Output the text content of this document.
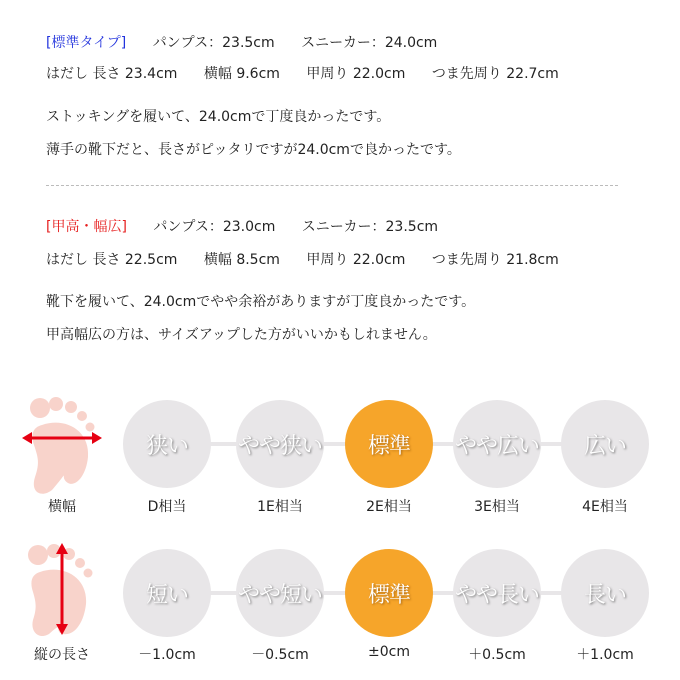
[標準タイプ] パンプス：23.5cm スニーカー：24.0cm
はだし 長さ 23.4cm 横幅 9.6cm 甲周り 22.0cm つま先周り 22.7cm
ストッキングを履いて、24.0cmで丁度良かったです。
薄手の靴下だと、長さがピッタリですが24.0cmで良かったです。
[甲高・幅広] パンプス：23.0cm スニーカー：23.5cm
はだし 長さ 22.5cm 横幅 8.5cm 甲周り 22.0cm つま先周り 21.8cm
靴下を履いて、24.0cmでやや余裕がありますが丁度良かったです。
甲高幅広の方は、サイズアップした方がいいかもしれません。
横幅
狭い やや狭い 標準 やや広い 広い
D相当	1E相当	2E相当	3E相当	4E相当
縦の長さ
短い やや短い 標準 やや長い 長い
－1.0cm	－0.5cm	±0cm	＋0.5cm	＋1.0cm
